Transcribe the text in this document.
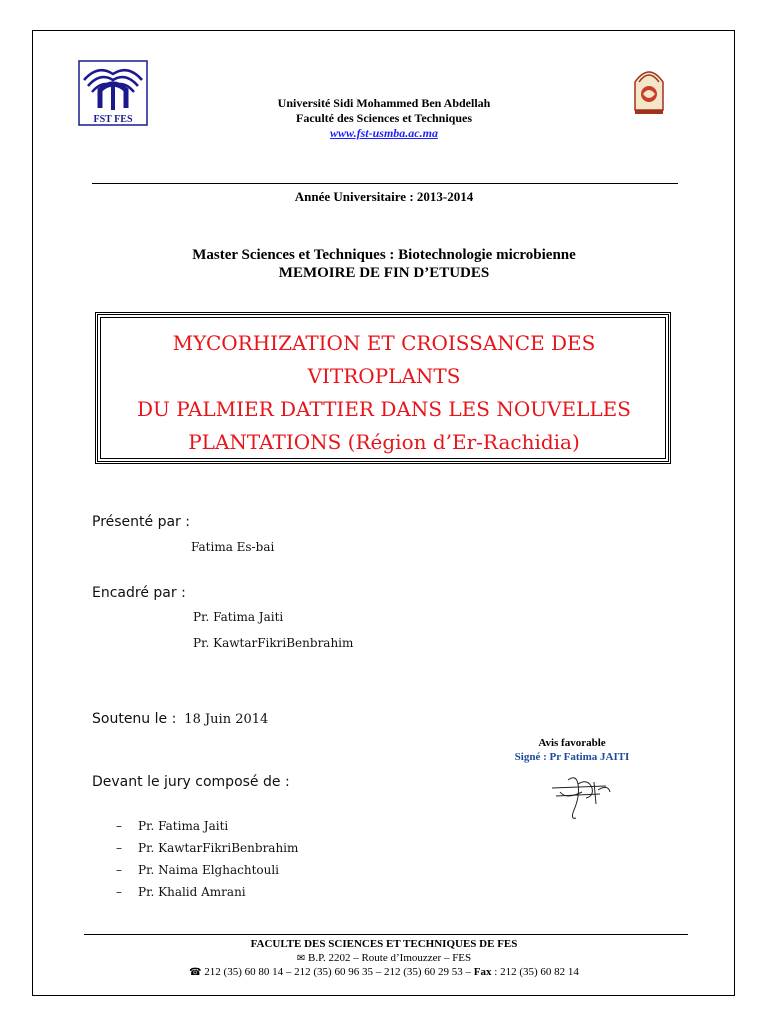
FST FES
Université Sidi Mohammed Ben Abdellah
Faculté des Sciences et Techniques
www.fst-usmba.ac.ma
Année Universitaire : 2013-2014
Master Sciences et Techniques : Biotechnologie microbienne
MEMOIRE DE FIN D’ETUDES
MYCORHIZATION ET CROISSANCE DES VITROPLANTS
DU PALMIER DATTIER DANS LES NOUVELLES
PLANTATIONS (Région d’Er-Rachidia)
Présenté par :
Fatima Es-bai
Encadré par :
Pr. Fatima Jaiti
Pr. KawtarFikriBenbrahim
Soutenu le : 18 Juin 2014
Avis favorable
Signé : Pr Fatima JAITI
Devant le jury composé de :
– Pr. Fatima Jaiti
– Pr. KawtarFikriBenbrahim
– Pr. Naima Elghachtouli
– Pr. Khalid Amrani
FACULTE DES SCIENCES ET TECHNIQUES DE FES
✉ B.P. 2202 – Route d’Imouzzer – FES
☎ 212 (35) 60 80 14 – 212 (35) 60 96 35 – 212 (35) 60 29 53 – Fax : 212 (35) 60 82 14
